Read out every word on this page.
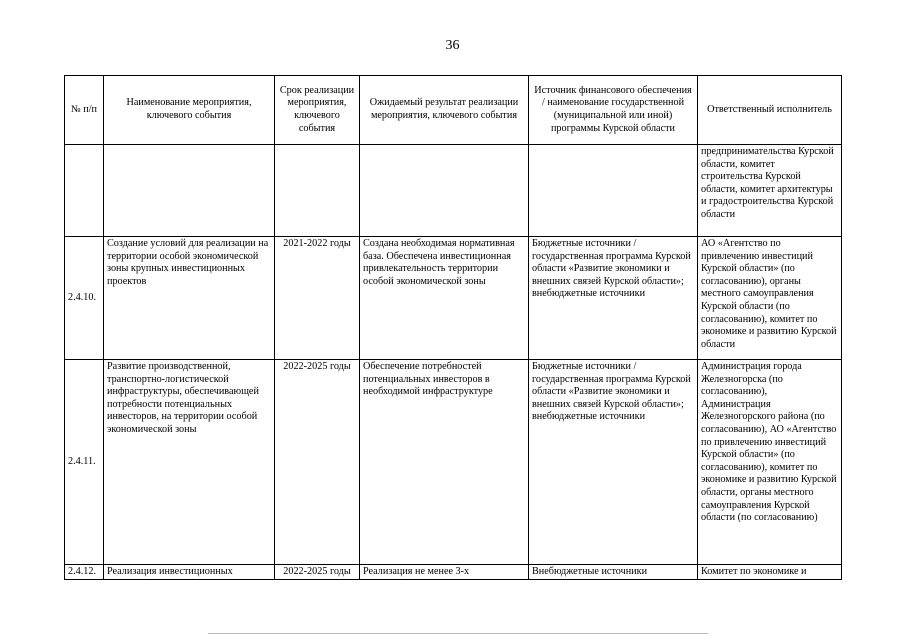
36
№ п/п	Наименование мероприятия, ключевого события	Срок реализации мероприятия, ключевого события	Ожидаемый результат реализации мероприятия, ключевого события	Источник финансового обеспечения / наименование государственной (муниципальной или иной) программы Курской области	Ответственный исполнитель
					предпринимательства Курской области, комитет строительства Курской области, комитет архитектуры и градостроительства Курской области
2.4.10.	Создание условий для реализации на территории особой экономической зоны крупных инвестиционных проектов	2021-2022 годы	Создана необходимая нормативная база. Обеспечена инвестиционная привлекательность территории особой экономической зоны	Бюджетные источники / государственная программа Курской области «Развитие экономики и внешних связей Курской области»; внебюджетные источники	АО «Агентство по привлечению инвестиций Курской области» (по согласованию), органы местного самоуправления Курской области (по согласованию), комитет по экономике и развитию Курской области
2.4.11.	Развитие производственной, транспортно-логистической инфраструктуры, обеспечивающей потребности потенциальных инвесторов, на территории особой экономической зоны	2022-2025 годы	Обеспечение потребностей потенциальных инвесторов в необходимой инфраструктуре	Бюджетные источники / государственная программа Курской области «Развитие экономики и внешних связей Курской области»; внебюджетные источники	Администрация города Железногорска (по согласованию), Администрация Железногорского района (по согласованию), АО «Агентство по привлечению инвестиций Курской области» (по согласованию), комитет по экономике и развитию Курской области, органы местного самоуправления Курской области (по согласованию)
2.4.12.	Реализация инвестиционных	2022-2025 годы	Реализация не менее 3-х	Внебюджетные источники	Комитет по экономике и
